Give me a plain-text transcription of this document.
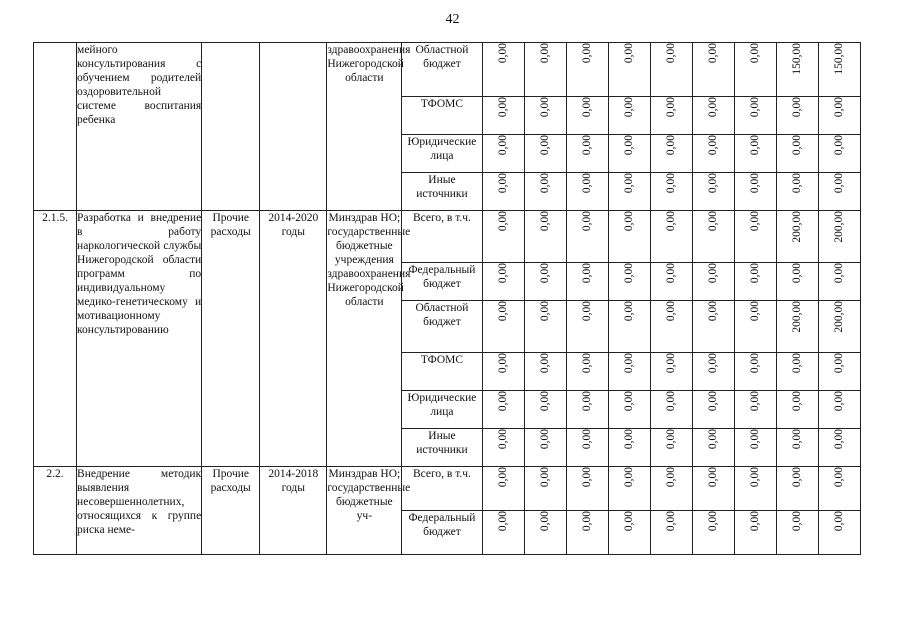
42
	мейного консультирования с обучением родителей оздоровительной системе воспитания ребенка			здравоохранения Нижегородской области	Областной бюджет	0,00	0,00	0,00	0,00	0,00	0,00	0,00	150,00	150,00
					ТФОМС	0,00	0,00	0,00	0,00	0,00	0,00	0,00	0,00	0,00
					Юридические лица	0,00	0,00	0,00	0,00	0,00	0,00	0,00	0,00	0,00
					Иные источники	0,00	0,00	0,00	0,00	0,00	0,00	0,00	0,00	0,00
2.1.5.	Разработка и внедрение в работу наркологической службы Нижегородской области программ по индивидуальному медико-генетическому и мотивационному консультированию	Прочие расходы	2014-2020 годы	Минздрав НО; государственные бюджетные учреждения здравоохранения Нижегородской области	Всего, в т.ч.	0,00	0,00	0,00	0,00	0,00	0,00	0,00	200,00	200,00
					Федеральный бюджет	0,00	0,00	0,00	0,00	0,00	0,00	0,00	0,00	0,00
					Областной бюджет	0,00	0,00	0,00	0,00	0,00	0,00	0,00	200,00	200,00
					ТФОМС	0,00	0,00	0,00	0,00	0,00	0,00	0,00	0,00	0,00
					Юридические лица	0,00	0,00	0,00	0,00	0,00	0,00	0,00	0,00	0,00
					Иные источники	0,00	0,00	0,00	0,00	0,00	0,00	0,00	0,00	0,00
2.2.	Внедрение методик выявления несовершеннолетних, относящихся к группе риска неме-	Прочие расходы	2014-2018 годы	Минздрав НО; государственные бюджетные уч-	Всего, в т.ч.	0,00	0,00	0,00	0,00	0,00	0,00	0,00	0,00	0,00
					Федеральный бюджет	0,00	0,00	0,00	0,00	0,00	0,00	0,00	0,00	0,00
